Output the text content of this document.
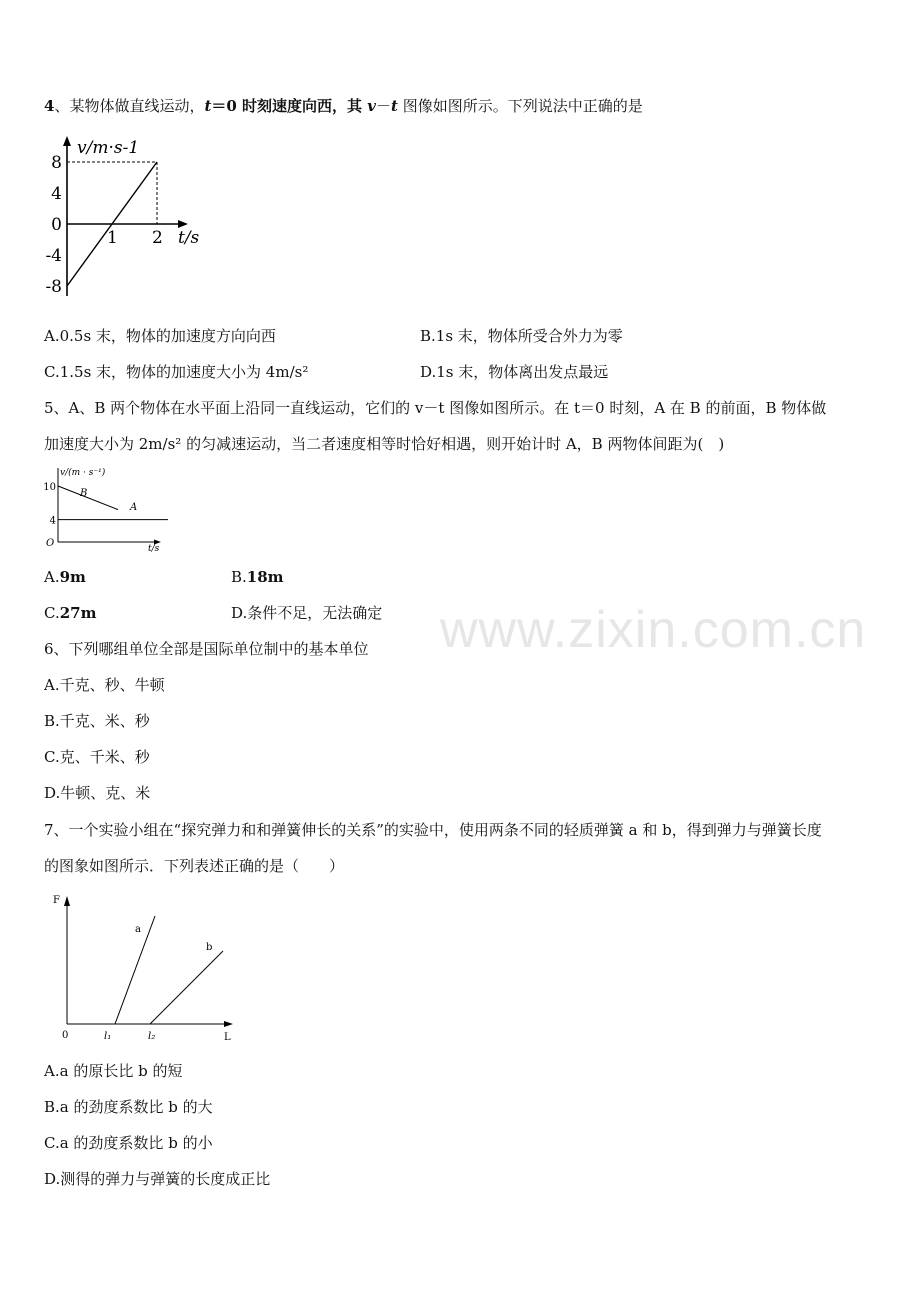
www.zixin.com.cn
4、某物体做直线运动，t＝0 时刻速度向西，其 v－t 图像如图所示。下列说法中正确的是
v/m·s-1
t/s
8
4
0
-4
-8
1 2
A.0.5s 末，物体的加速度方向向西	B.1s 末，物体所受合外力为零
C.1.5s 末，物体的加速度大小为 4m/s²	D.1s 末，物体离出发点最远
5、A、B 两个物体在水平面上沿同一直线运动，它们的 v－t 图像如图所示。在 t＝0 时刻，A 在 B 的前面，B 物体做
加速度大小为 2m/s² 的匀减速运动，当二者速度相等时恰好相遇，则开始计时 A，B 两物体间距为(　)
v/(m · s⁻¹)
t/s
O
10
4
B
A
A.9m	B.18m
C.27m	D.条件不足，无法确定
6、下列哪组单位全部是国际单位制中的基本单位
A.千克、秒、牛顿
B.千克、米、秒
C.克、千米、秒
D.牛顿、克、米
7、一个实验小组在“探究弹力和和弹簧伸长的关系”的实验中，使用两条不同的轻质弹簧 a 和 b，得到弹力与弹簧长度
的图象如图所示．下列表述正确的是（　　）
F
L
0	l₁	l₂
a
b
A.a 的原长比 b 的短
B.a 的劲度系数比 b 的大
C.a 的劲度系数比 b 的小
D.测得的弹力与弹簧的长度成正比
